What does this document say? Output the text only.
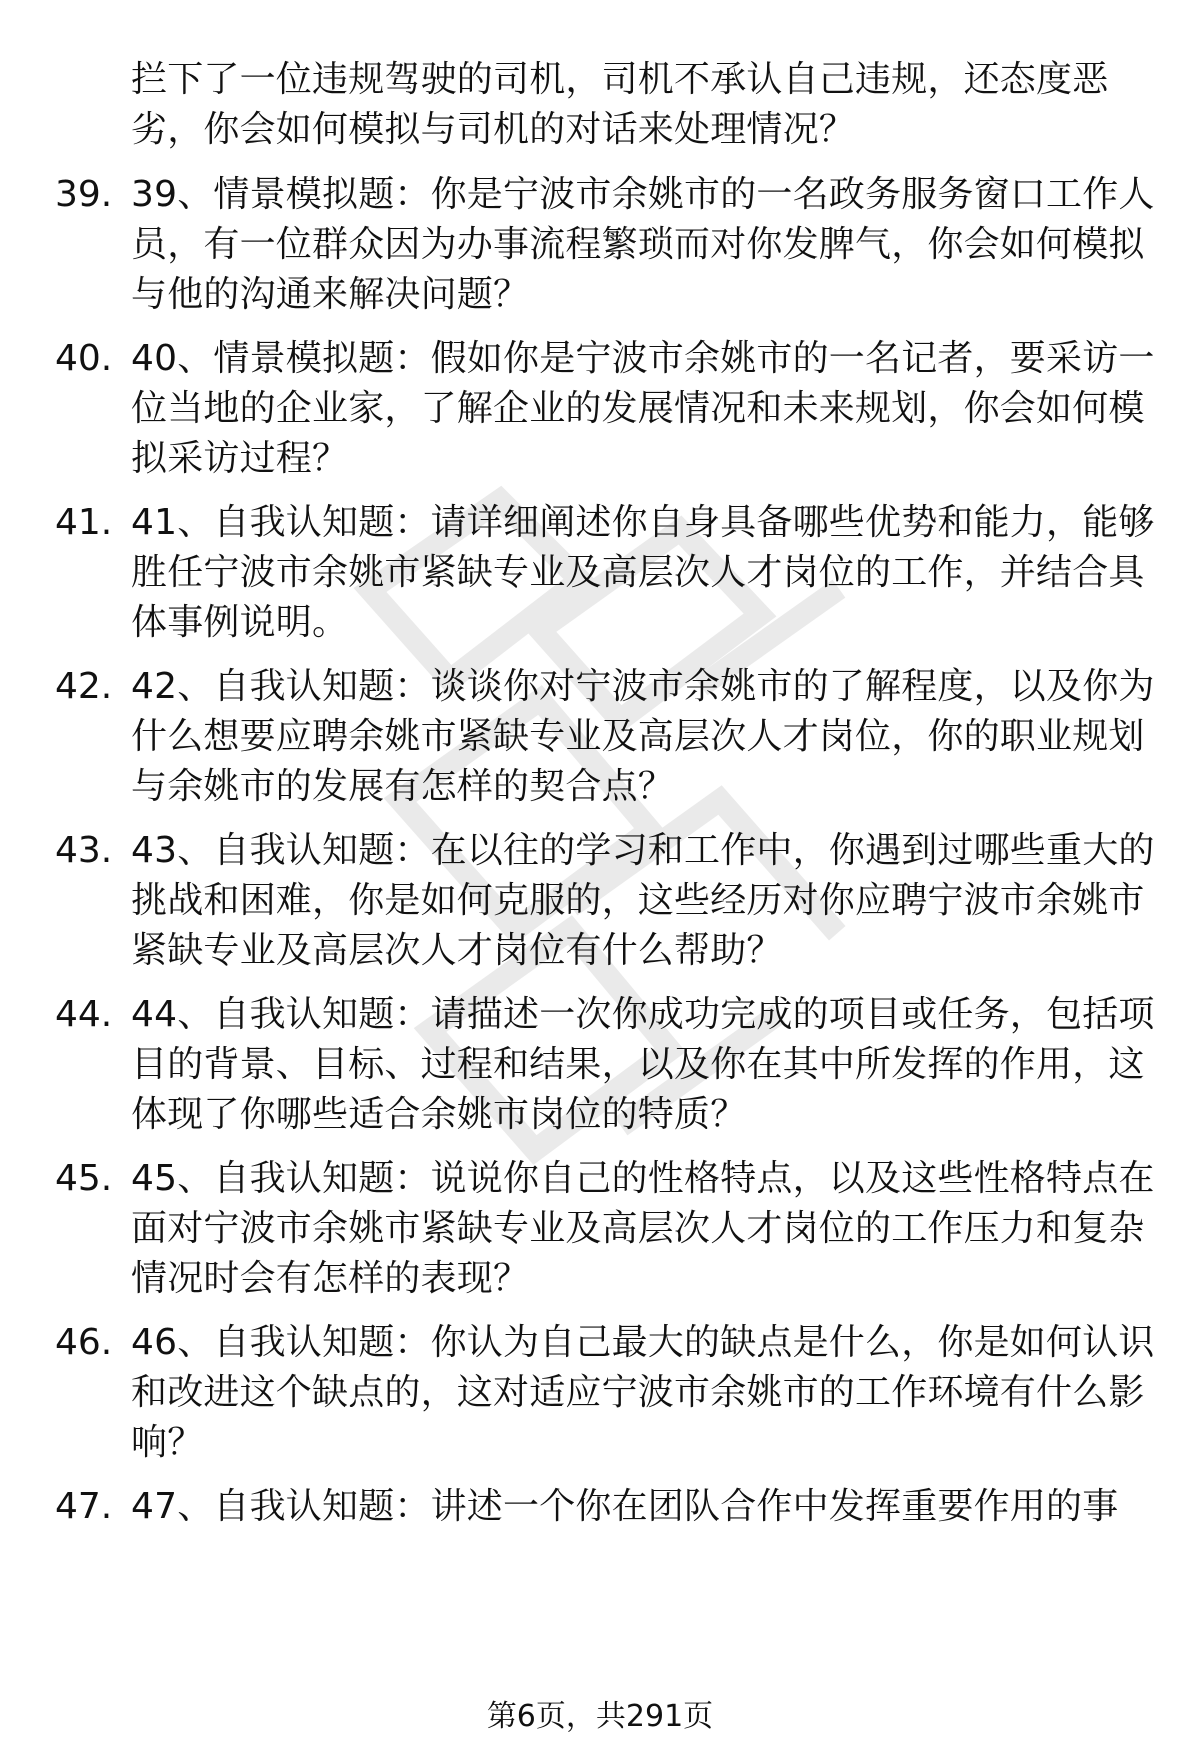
拦下了一位违规驾驶的司机，司机不承认自己违规，还态度恶
劣，你会如何模拟与司机的对话来处理情况？
39. 39、情景模拟题：你是宁波市余姚市的一名政务服务窗口工作人
员，有一位群众因为办事流程繁琐而对你发脾气，你会如何模拟
与他的沟通来解决问题？
40. 40、情景模拟题：假如你是宁波市余姚市的一名记者，要采访一
位当地的企业家，了解企业的发展情况和未来规划，你会如何模
拟采访过程？
41. 41、自我认知题：请详细阐述你自身具备哪些优势和能力，能够
胜任宁波市余姚市紧缺专业及高层次人才岗位的工作，并结合具
体事例说明。
42. 42、自我认知题：谈谈你对宁波市余姚市的了解程度，以及你为
什么想要应聘余姚市紧缺专业及高层次人才岗位，你的职业规划
与余姚市的发展有怎样的契合点？
43. 43、自我认知题：在以往的学习和工作中，你遇到过哪些重大的
挑战和困难，你是如何克服的，这些经历对你应聘宁波市余姚市
紧缺专业及高层次人才岗位有什么帮助？
44. 44、自我认知题：请描述一次你成功完成的项目或任务，包括项
目的背景、目标、过程和结果，以及你在其中所发挥的作用，这
体现了你哪些适合余姚市岗位的特质？
45. 45、自我认知题：说说你自己的性格特点，以及这些性格特点在
面对宁波市余姚市紧缺专业及高层次人才岗位的工作压力和复杂
情况时会有怎样的表现？
46. 46、自我认知题：你认为自己最大的缺点是什么，你是如何认识
和改进这个缺点的，这对适应宁波市余姚市的工作环境有什么影
响？
47. 47、自我认知题：讲述一个你在团队合作中发挥重要作用的事
第6页，共291页
